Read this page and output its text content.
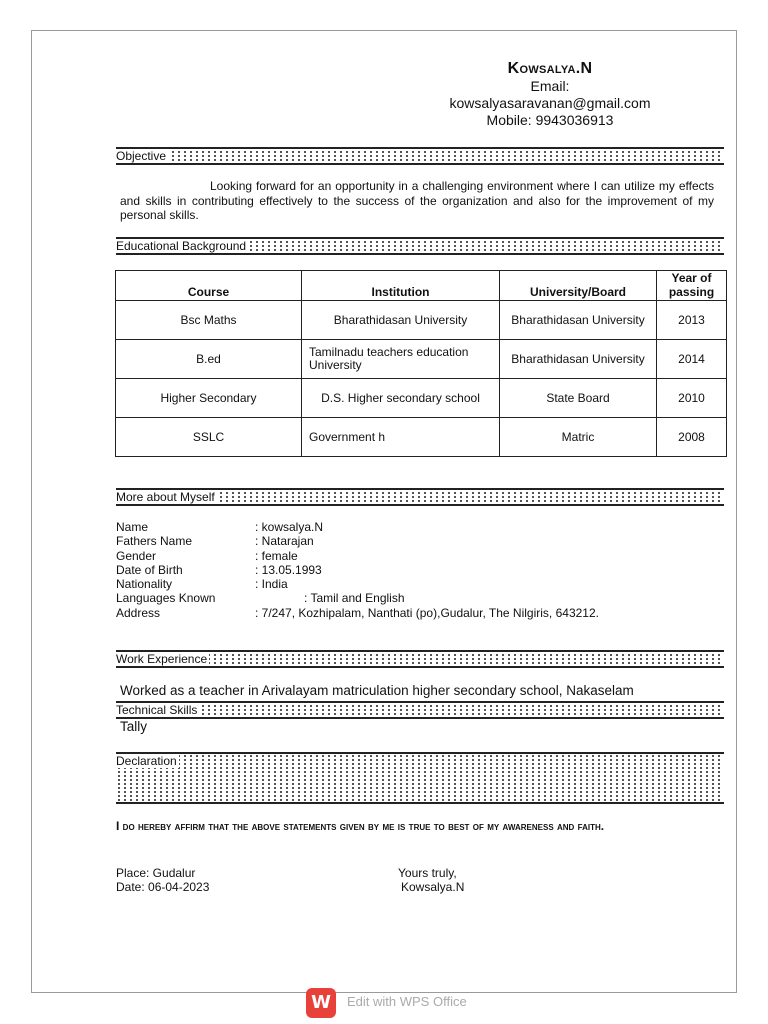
Kowsalya.N
Email:
kowsalyasaravanan@gmail.com
Mobile: 9943036913
Objective
Looking forward for an opportunity in a challenging environment where I can utilize my effects and skills in contributing effectively to the success of the organization and also for the improvement of my personal skills.
Educational Background
Course	Institution	University/Board	Year of passing
Bsc Maths	Bharathidasan University	Bharathidasan University	2013
B.ed	Tamilnadu teachers education University	Bharathidasan University	2014
Higher Secondary	D.S. Higher secondary school	State Board	2010
SSLC	Government h	Matric	2008
More about Myself
Name	: kowsalya.N
Fathers Name	: Natarajan
Gender	: female
Date of Birth	: 13.05.1993
Nationality	: India
Languages Known	: Tamil and English
Address	: 7/247, Kozhipalam, Nanthati (po),Gudalur, The Nilgiris, 643212.
Work Experience
Worked as a teacher in Arivalayam matriculation higher secondary school, Nakaselam
Technical Skills
Tally
Declaration
I do hereby affirm that the above statements given by me is true to best of my awareness and faith.
Place: Gudalur
Date: 06-04-2023
Yours truly,
Kowsalya.N
W	Edit with WPS Office
